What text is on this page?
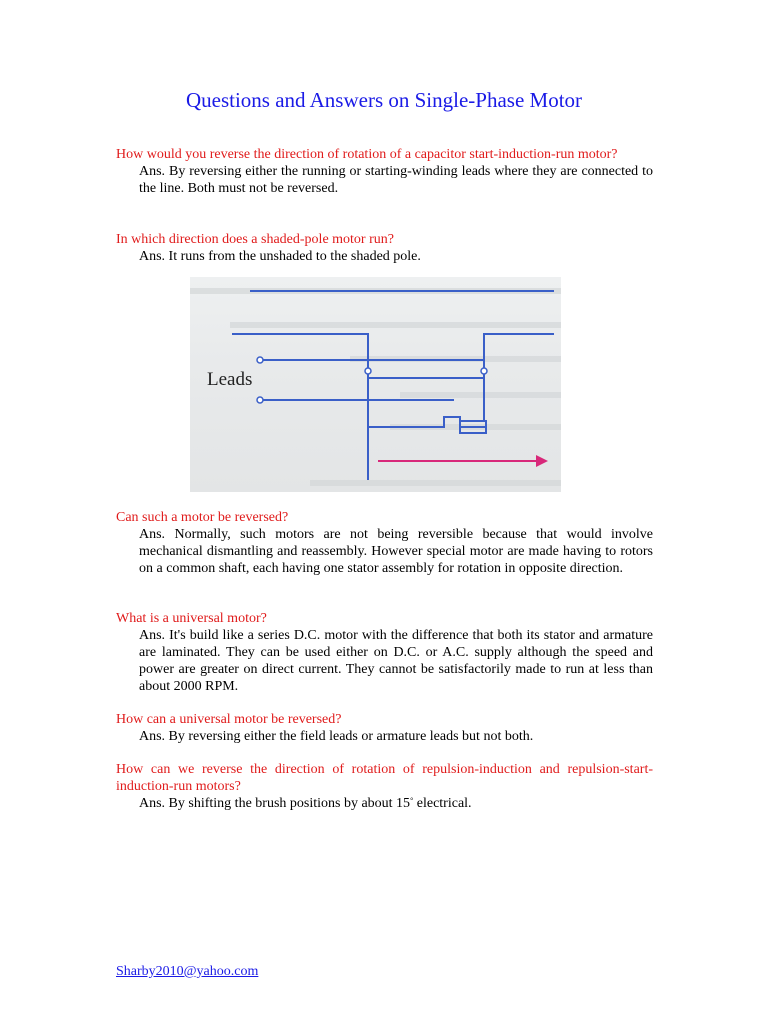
Questions and Answers on Single-Phase Motor

How would you reverse the direction of rotation of a capacitor start-induction-run motor?

Ans. By reversing either the running or starting-winding leads where they are connected to the line. Both must not be reversed.

In which direction does a shaded-pole motor run?

Ans. It runs from the unshaded to the shaded pole.

Leads

Can such a motor be reversed?

Ans. Normally, such motors are not being reversible because that would involve mechanical dismantling and reassembly. However special motor are made having to rotors on a common shaft, each having one stator assembly for rotation in opposite direction.

What is a universal motor?

Ans. It's build like a series D.C. motor with the difference that both its stator and armature are laminated. They can be used either on D.C. or A.C. supply although the speed and power are greater on direct current. They cannot be satisfactorily made to run at less than about 2000 RPM.

How can a universal motor be reversed?

Ans. By reversing either the field leads or armature leads but not both.

How can we reverse the direction of rotation of repulsion-induction and repulsion-start-induction-run motors?

Ans. By shifting the brush positions by about 15° electrical.

Sharby2010@yahoo.com
